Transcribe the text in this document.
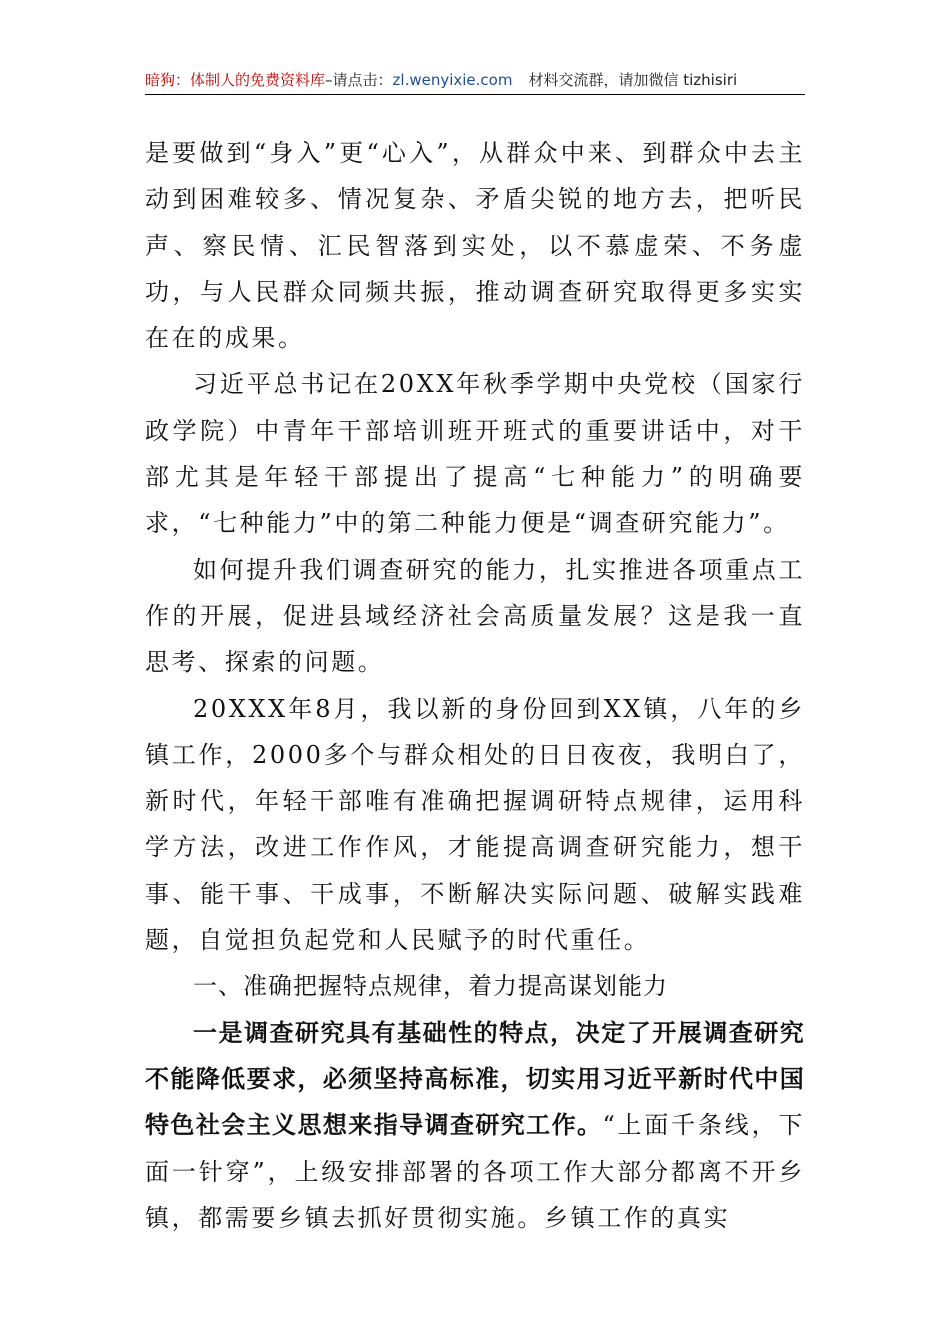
暗狗：体制人的免费资料库–请点击：zl.wenyixie.com 材料交流群，请加微信 tizhisiri

是要做到“身入”更“心入”，从群众中来、到群众中去主动到困难较多、情况复杂、矛盾尖锐的地方去，把听民声、察民情、汇民智落到实处，以不慕虚荣、不务虚功，与人民群众同频共振，推动调查研究取得更多实实在在的成果。

习近平总书记在20XX年秋季学期中央党校（国家行政学院）中青年干部培训班开班式的重要讲话中，对干部尤其是年轻干部提出了提高“七种能力”的明确要求，“七种能力”中的第二种能力便是“调查研究能力”。

如何提升我们调查研究的能力，扎实推进各项重点工作的开展，促进县域经济社会高质量发展？这是我一直思考、探索的问题。

20XXX年8月，我以新的身份回到XX镇，八年的乡镇工作，2000多个与群众相处的日日夜夜，我明白了，新时代，年轻干部唯有准确把握调研特点规律，运用科学方法，改进工作作风，才能提高调查研究能力，想干事、能干事、干成事，不断解决实际问题、破解实践难题，自觉担负起党和人民赋予的时代重任。

一、准确把握特点规律，着力提高谋划能力

一是调查研究具有基础性的特点，决定了开展调查研究不能降低要求，必须坚持高标准，切实用习近平新时代中国特色社会主义思想来指导调查研究工作。“上面千条线，下面一针穿”，上级安排部署的各项工作大部分都离不开乡镇，都需要乡镇去抓好贯彻实施。乡镇工作的真实
